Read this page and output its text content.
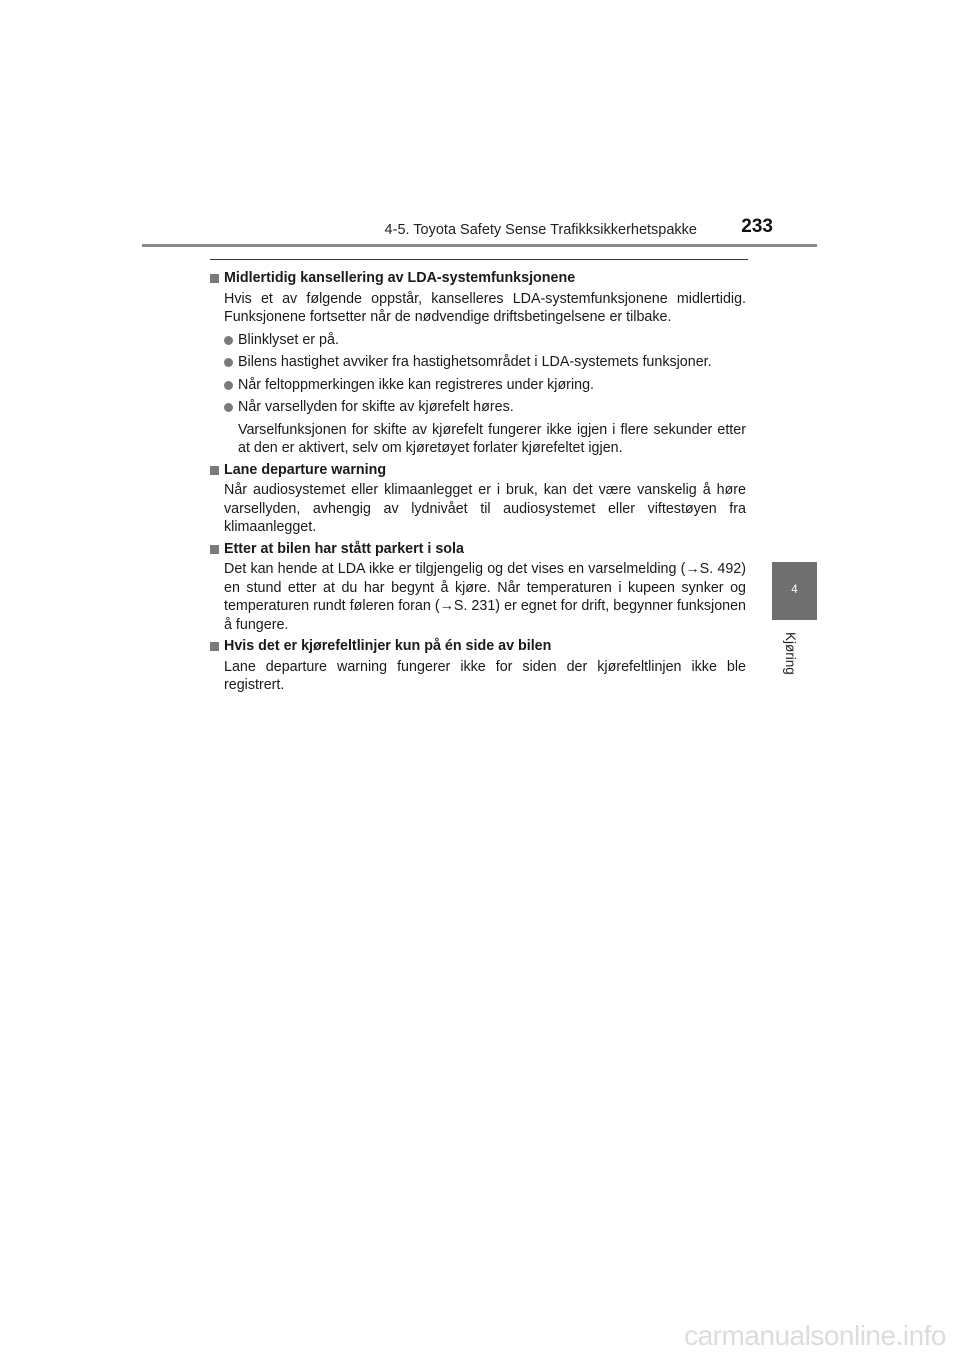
4-5. Toyota Safety Sense Trafikksikkerhetspakke 233
4
Kjøring
Midlertidig kansellering av LDA-systemfunksjonene
Hvis et av følgende oppstår, kanselleres LDA-systemfunksjonene midlertidig. Funksjonene fortsetter når de nødvendige driftsbetingelsene er tilbake.
Blinklyset er på.
Bilens hastighet avviker fra hastighetsområdet i LDA-systemets funksjoner.
Når feltoppmerkingen ikke kan registreres under kjøring.
Når varsellyden for skifte av kjørefelt høres.
Varselfunksjonen for skifte av kjørefelt fungerer ikke igjen i flere sekunder etter at den er aktivert, selv om kjøretøyet forlater kjørefeltet igjen.
Lane departure warning
Når audiosystemet eller klimaanlegget er i bruk, kan det være vanskelig å høre varsellyden, avhengig av lydnivået til audiosystemet eller viftestøyen fra klimaanlegget.
Etter at bilen har stått parkert i sola
Det kan hende at LDA ikke er tilgjengelig og det vises en varselmelding (→S. 492) en stund etter at du har begynt å kjøre. Når temperaturen i kupeen synker og temperaturen rundt føleren foran (→S. 231) er egnet for drift, begynner funksjonen å fungere.
Hvis det er kjørefeltlinjer kun på én side av bilen
Lane departure warning fungerer ikke for siden der kjørefeltlinjen ikke ble registrert.
carmanualsonline.info
